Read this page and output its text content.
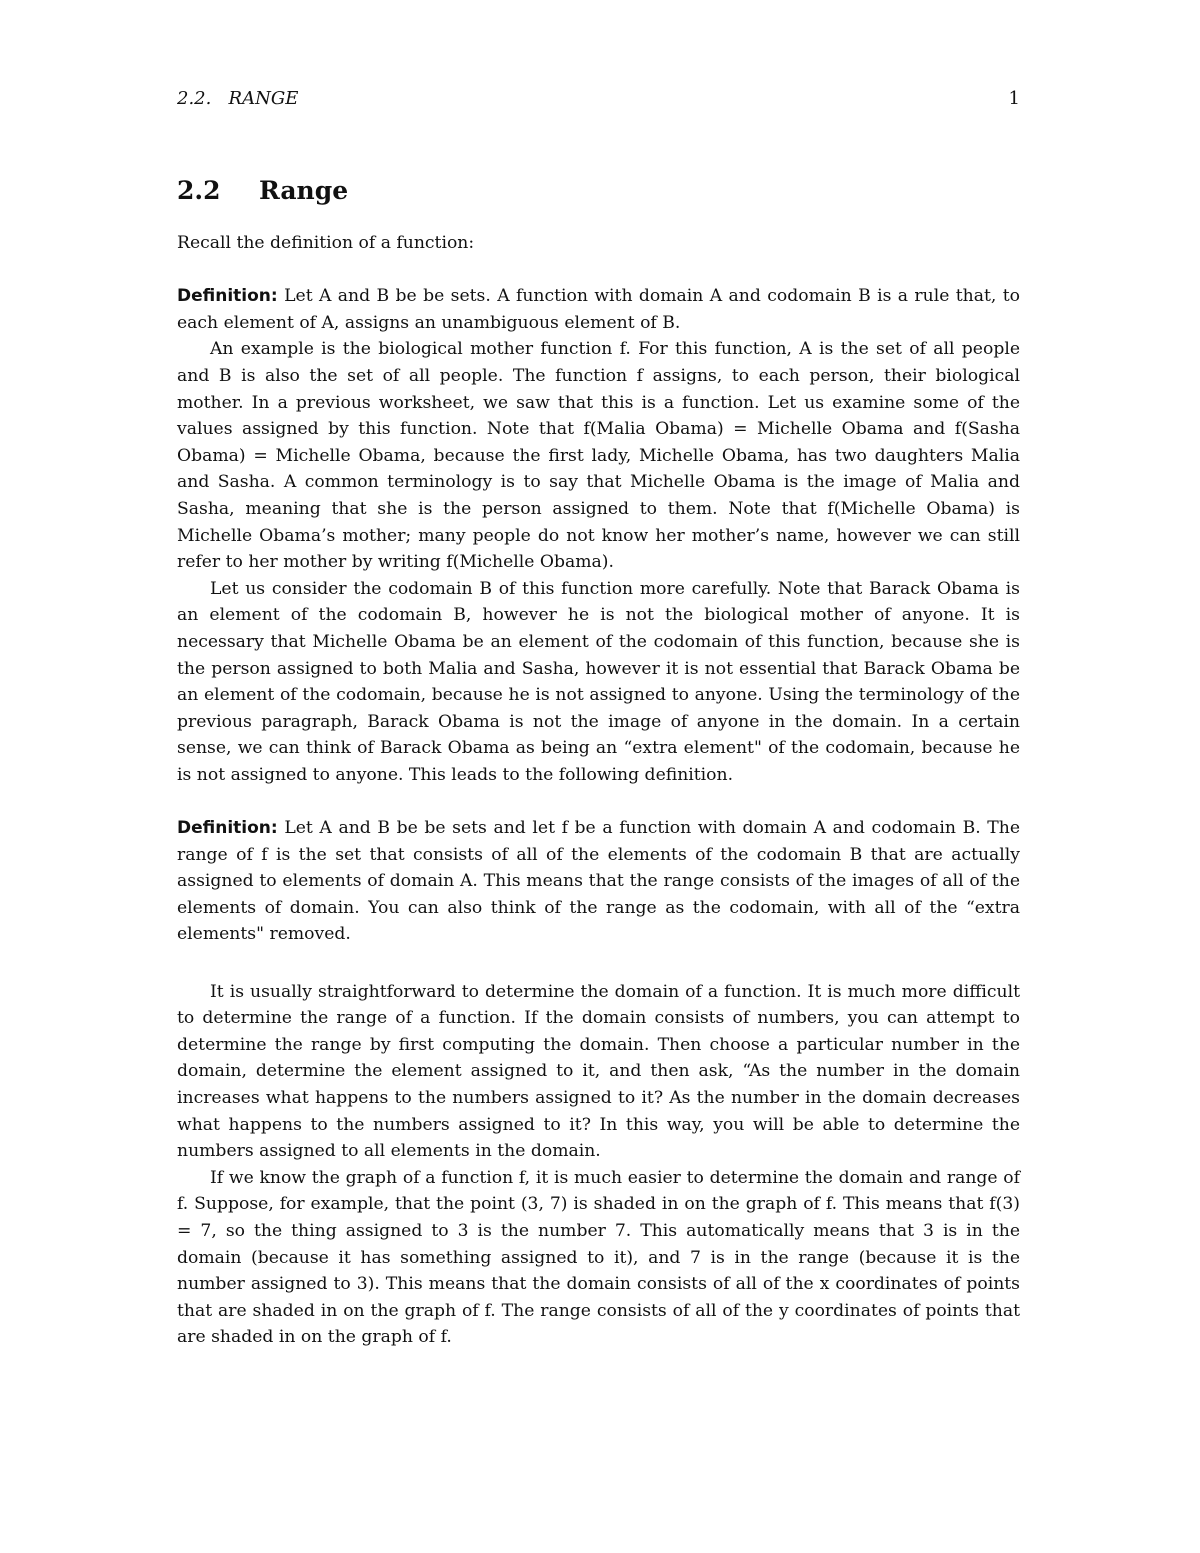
2.2.   RANGE	1
2.2 Range

Recall the definition of a function:

Definition: Let A and B be be sets. A function with domain A and codomain B is a rule that, to each element of A, assigns an unambiguous element of B.

An example is the biological mother function f. For this function, A is the set of all people and B is also the set of all people. The function f assigns, to each person, their biological mother. In a previous worksheet, we saw that this is a function. Let us examine some of the values assigned by this function. Note that f(Malia Obama) = Michelle Obama and f(Sasha Obama) = Michelle Obama, because the first lady, Michelle Obama, has two daughters Malia and Sasha. A common terminology is to say that Michelle Obama is the image of Malia and Sasha, meaning that she is the person assigned to them. Note that f(Michelle Obama) is Michelle Obama’s mother; many people do not know her mother’s name, however we can still refer to her mother by writing f(Michelle Obama).

Let us consider the codomain B of this function more carefully. Note that Barack Obama is an element of the codomain B, however he is not the biological mother of anyone. It is necessary that Michelle Obama be an element of the codomain of this function, because she is the person assigned to both Malia and Sasha, however it is not essential that Barack Obama be an element of the codomain, because he is not assigned to anyone. Using the terminology of the previous paragraph, Barack Obama is not the image of anyone in the domain. In a certain sense, we can think of Barack Obama as being an “extra element" of the codomain, because he is not assigned to anyone. This leads to the following definition.

Definition: Let A and B be be sets and let f be a function with domain A and codomain B. The range of f is the set that consists of all of the elements of the codomain B that are actually assigned to elements of domain A. This means that the range consists of the images of all of the elements of domain. You can also think of the range as the codomain, with all of the “extra elements" removed.

It is usually straightforward to determine the domain of a function. It is much more difficult to determine the range of a function. If the domain consists of numbers, you can attempt to determine the range by first computing the domain. Then choose a particular number in the domain, determine the element assigned to it, and then ask, “As the number in the domain increases what happens to the numbers assigned to it? As the number in the domain decreases what happens to the numbers assigned to it? In this way, you will be able to determine the numbers assigned to all elements in the domain.

If we know the graph of a function f, it is much easier to determine the domain and range of f. Suppose, for example, that the point (3, 7) is shaded in on the graph of f. This means that f(3) = 7, so the thing assigned to 3 is the number 7. This automatically means that 3 is in the domain (because it has something assigned to it), and 7 is in the range (because it is the number assigned to 3). This means that the domain consists of all of the x coordinates of points that are shaded in on the graph of f. The range consists of all of the y coordinates of points that are shaded in on the graph of f.
